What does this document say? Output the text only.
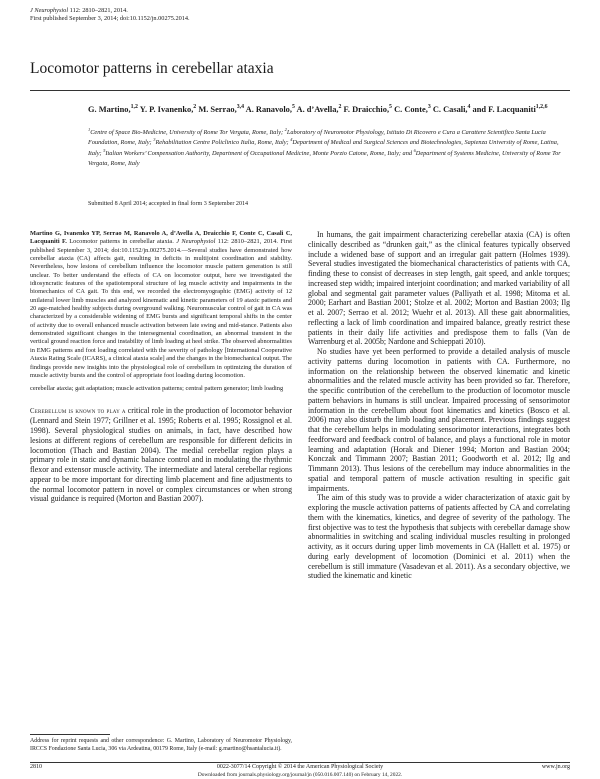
J Neurophysiol 112: 2810–2821, 2014.
First published September 3, 2014; doi:10.1152/jn.00275.2014.
Locomotor patterns in cerebellar ataxia
G. Martino,$^{1,2}$ Y. P. Ivanenko,$^2$ M. Serrao,$^{3,4}$ A. Ranavolo,$^5$ A. d’Avella,$^2$ F. Draicchio,$^5$ C. Conte,$^3$ C. Casali,$^4$ and F. Lacquaniti$^{1,2,6}$
$^1$Centre of Space Bio-Medicine, University of Rome Tor Vergata, Rome, Italy; $^2$Laboratory of Neuromotor Physiology, Istituto Di Ricovero e Cura a Carattere Scientifico Santa Lucia Foundation, Rome, Italy; $^3$Rehabilitation Centre Policlinico Italia, Rome, Italy; $^4$Department of Medical and Surgical Sciences and Biotechnologies, Sapienza University of Rome, Latina, Italy; $^5$Italian Workers’ Compensation Authority, Department of Occupational Medicine, Monte Porzio Catone, Rome, Italy; and $^6$Department of Systems Medicine, University of Rome Tor Vergata, Rome, Italy
Submitted 8 April 2014; accepted in final form 3 September 2014

Martino G, Ivanenko YP, Serrao M, Ranavolo A, d’Avella A, Draicchio F, Conte C, Casali C, Lacquaniti F. Locomotor patterns in cerebellar ataxia. J Neurophysiol 112: 2810–2821, 2014. First published September 3, 2014; doi:10.1152/jn.00275.2014.—Several studies have demonstrated how cerebellar ataxia (CA) affects gait, resulting in deficits in multijoint coordination and stability. Nevertheless, how lesions of cerebellum influence the locomotor muscle pattern generation is still unclear. To better understand the effects of CA on locomotor output, here we investigated the idiosyncratic features of the spatiotemporal structure of leg muscle activity and impairments in the biomechanics of CA gait. To this end, we recorded the electromyographic (EMG) activity of 12 unilateral lower limb muscles and analyzed kinematic and kinetic parameters of 19 ataxic patients and 20 age-matched healthy subjects during overground walking. Neuromuscular control of gait in CA was characterized by a considerable widening of EMG bursts and significant temporal shifts in the center of activity due to overall enhanced muscle activation between late swing and mid-stance. Patients also demonstrated significant changes in the intersegmental coordination, an abnormal transient in the vertical ground reaction force and instability of limb loading at heel strike. The observed abnormalities in EMG patterns and foot loading correlated with the severity of pathology [International Cooperative Ataxia Rating Scale (ICARS), a clinical ataxia scale] and the changes in the biomechanical output. The findings provide new insights into the physiological role of cerebellum in optimizing the duration of muscle activity bursts and the control of appropriate foot loading during locomotion.

cerebellar ataxia; gait adaptation; muscle activation patterns; central pattern generator; limb loading

Cerebellum is known to play a critical role in the production of locomotor behavior (Lennard and Stein 1977; Grillner et al. 1995; Roberts et al. 1995; Rossignol et al. 1998). Several physiological studies on animals, in fact, have described how lesions at different regions of cerebellum are responsible for different deficits in locomotion (Thach and Bastian 2004). The medial cerebellar region plays a primary role in static and dynamic balance control and in modulating the rhythmic flexor and extensor muscle activity. The intermediate and lateral cerebellar regions appear to be more important for directing limb placement and fine adjustments to the normal locomotor pattern in novel or complex circumstances or when strong visual guidance is required (Morton and Bastian 2007).

In humans, the gait impairment characterizing cerebellar ataxia (CA) is often clinically described as “drunken gait,” as the clinical features typically observed include a widened base of support and an irregular gait pattern (Holmes 1939). Several studies investigated the biomechanical characteristics of patients with CA, finding these to consist of decreases in step length, gait speed, and ankle torques; increased step width; impaired interjoint coordination; and marked variability of all global and segmental gait parameter values (Palliyath et al. 1998; Mitoma et al. 2000; Earhart and Bastian 2001; Stolze et al. 2002; Morton and Bastian 2003; Ilg et al. 2007; Serrao et al. 2012; Wuehr et al. 2013). All these gait abnormalities, reflecting a lack of limb coordination and impaired balance, greatly restrict these patients in their daily life activities and predispose them to falls (Van de Warrenburg et al. 2005b; Nardone and Schieppati 2010).

No studies have yet been performed to provide a detailed analysis of muscle activity patterns during locomotion in patients with CA. Furthermore, no information on the relationship between the observed kinematic and kinetic abnormalities and the related muscle activity has been provided so far. Therefore, the specific contribution of the cerebellum to the production of locomotor muscle pattern behaviors in humans is still unclear. Impaired processing of sensorimotor information in the cerebellum about foot kinematics and kinetics (Bosco et al. 2006) may also disturb the limb loading and placement. Previous findings suggest that the cerebellum helps in modulating sensorimotor interactions, integrates both feedforward and feedback control of balance, and plays a functional role in motor learning and adaptation (Horak and Diener 1994; Morton and Bastian 2004; Konczak and Timmann 2007; Bastian 2011; Goodworth et al. 2012; Ilg and Timmann 2013). Thus lesions of the cerebellum may induce abnormalities in the spatial and temporal pattern of muscle activation resulting in specific gait impairments.

The aim of this study was to provide a wider characterization of ataxic gait by exploring the muscle activation patterns of patients affected by CA and correlating them with the kinematics, kinetics, and degree of severity of the pathology. The first objective was to test the hypothesis that subjects with cerebellar damage show abnormalities in switching and scaling individual muscles resulting in prolonged activity, as it occurs during upper limb movements in CA (Hallett et al. 1975) or during early development of locomotion (Dominici et al. 2011) when the cerebellum is still immature (Vasadevan et al. 2011). As a secondary objective, we studied the kinematic and kinetic

Address for reprint requests and other correspondence: G. Martino, Laboratory of Neuromotor Physiology, IRCCS Fondazione Santa Lucia, 306 via Ardeatina, 00179 Rome, Italy (e-mail: g.martino@hsantalucia.it).
2810	0022-3077/14 Copyright © 2014 the American Physiological Society	www.jn.org
Downloaded from journals.physiology.org/journal/jn (050.016.007.140) on February 14, 2022.
